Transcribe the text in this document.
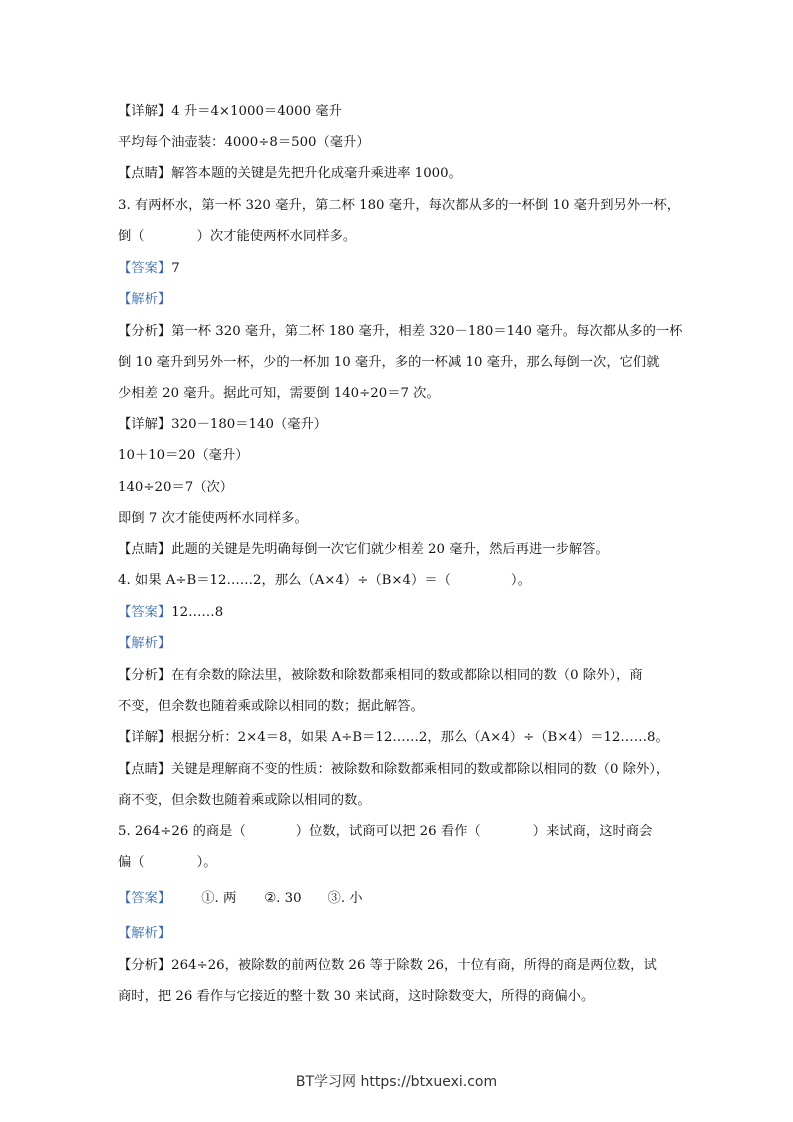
【详解】4 升＝4×1000＝4000 毫升
平均每个油壶装：4000÷8＝500（毫升）
【点睛】解答本题的关键是先把升化成毫升乘进率 1000。
3. 有两杯水，第一杯 320 毫升，第二杯 180 毫升，每次都从多的一杯倒 10 毫升到另外一杯，
倒（	）次才能使两杯水同样多。
【答案】7
【解析】
【分析】第一杯 320 毫升，第二杯 180 毫升，相差 320－180＝140 毫升。每次都从多的一杯
倒 10 毫升到另外一杯，少的一杯加 10 毫升，多的一杯减 10 毫升，那么每倒一次，它们就
少相差 20 毫升。据此可知，需要倒 140÷20＝7 次。
【详解】320－180＝140（毫升）
10＋10＝20（毫升）
140÷20＝7（次）
即倒 7 次才能使两杯水同样多。
【点睛】此题的关键是先明确每倒一次它们就少相差 20 毫升，然后再进一步解答。
4. 如果 A÷B＝12……2，那么（A×4）÷（B×4）＝（	）。
【答案】12……8
【解析】
【分析】在有余数的除法里，被除数和除数都乘相同的数或都除以相同的数（0 除外），商
不变，但余数也随着乘或除以相同的数；据此解答。
【详解】根据分析：2×4＝8，如果 A÷B＝12……2，那么（A×4）÷（B×4）＝12……8。
【点睛】关键是理解商不变的性质：被除数和除数都乘相同的数或都除以相同的数（0 除外），
商不变，但余数也随着乘或除以相同的数。
5. 264÷26 的商是（	）位数，试商可以把 26 看作（	）来试商，这时商会
偏（	）。
【答案】 ①. 两 ②. 30 ③. 小
【解析】
【分析】264÷26，被除数的前两位数 26 等于除数 26，十位有商，所得的商是两位数，试
商时，把 26 看作与它接近的整十数 30 来试商，这时除数变大，所得的商偏小。
BT学习网 https://btxuexi.com
